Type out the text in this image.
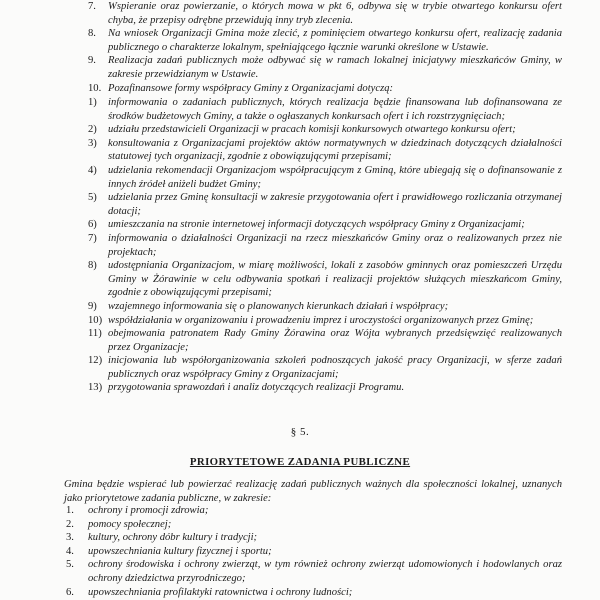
7.	Wspieranie oraz powierzanie, o których mowa w pkt 6, odbywa się w trybie otwartego konkursu ofert chyba, że przepisy odrębne przewidują inny tryb zlecenia.
8.	Na wniosek Organizacji Gmina może zlecić, z pominięciem otwartego konkursu ofert, realizację zadania publicznego o charakterze lokalnym, spełniającego łącznie warunki określone w Ustawie.
9.	Realizacja zadań publicznych może odbywać się w ramach lokalnej inicjatywy mieszkańców Gminy, w zakresie przewidzianym w Ustawie.
10. Pozafinansowe formy współpracy Gminy z Organizacjami dotyczą:
1)	informowania o zadaniach publicznych, których realizacja będzie finansowana lub dofinansowana ze środków budżetowych Gminy, a także o ogłaszanych konkursach ofert i ich rozstrzygnięciach;
2)	udziału przedstawicieli Organizacji w pracach komisji konkursowych otwartego konkursu ofert;
3)	konsultowania z Organizacjami projektów aktów normatywnych w dziedzinach dotyczących działalności statutowej tych organizacji, zgodnie z obowiązującymi przepisami;
4)	udzielania rekomendacji Organizacjom współpracującym z Gminą, które ubiegają się o dofinansowanie z innych źródeł aniżeli budżet Gminy;
5)	udzielania przez Gminę konsultacji w zakresie przygotowania ofert i prawidłowego rozliczania otrzymanej dotacji;
6)	umieszczania na stronie internetowej informacji dotyczących współpracy Gminy z Organizacjami;
7)	informowania o działalności Organizacji na rzecz mieszkańców Gminy oraz o realizowanych przez nie projektach;
8)	udostępniania Organizacjom, w miarę możliwości, lokali z zasobów gminnych oraz pomieszczeń Urzędu Gminy w Żórawinie w celu odbywania spotkań i realizacji projektów służących mieszkańcom Gminy, zgodnie z obowiązującymi przepisami;
9)	wzajemnego informowania się o planowanych kierunkach działań i współpracy;
10) współdziałania w organizowaniu i prowadzeniu imprez i uroczystości organizowanych przez Gminę;
11) obejmowania patronatem Rady Gminy Żórawina oraz Wójta wybranych przedsięwzięć realizowanych przez Organizacje;
12) inicjowania lub współorganizowania szkoleń podnoszących jakość pracy Organizacji, w sferze zadań publicznych oraz współpracy Gminy z Organizacjami;
13) przygotowania sprawozdań i analiz dotyczących realizacji Programu.
§ 5.
PRIORYTETOWE ZADANIA PUBLICZNE
Gmina będzie wspierać lub powierzać realizację zadań publicznych ważnych dla społeczności lokalnej, uznanych jako priorytetowe zadania publiczne, w zakresie:
1.	ochrony i promocji zdrowia;
2.	pomocy społecznej;
3.	kultury, ochrony dóbr kultury i tradycji;
4.	upowszechniania kultury fizycznej i sportu;
5.	ochrony środowiska i ochrony zwierząt, w tym również ochrony zwierząt udomowionych i hodowlanych oraz ochrony dziedzictwa przyrodniczego;
6.	upowszechniania profilaktyki ratownictwa i ochrony ludności;
